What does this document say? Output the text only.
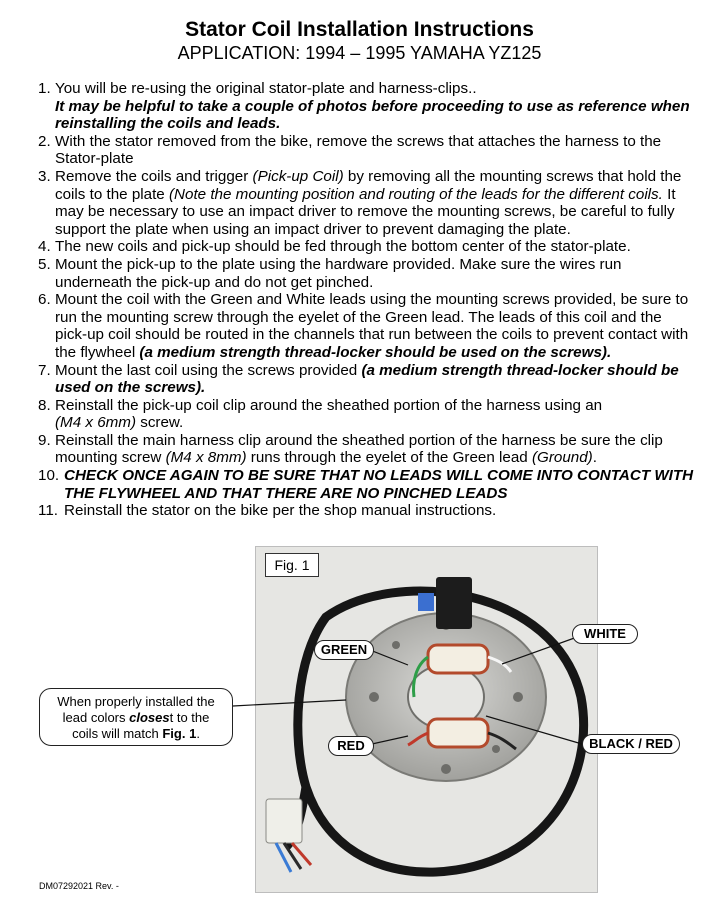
Stator Coil Installation Instructions
APPLICATION: 1994 – 1995 YAMAHA YZ125
1. You will be re-using the original stator-plate and harness-clips..
It may be helpful to take a couple of photos before proceeding to use as reference when reinstalling the coils and leads.
2. With the stator removed from the bike, remove the screws that attaches the harness to the Stator-plate
3. Remove the coils and trigger (Pick-up Coil) by removing all the mounting screws that hold the coils to the plate (Note the mounting position and routing of the leads for the different coils. It may be necessary to use an impact driver to remove the mounting screws, be careful to fully support the plate when using an impact driver to prevent damaging the plate.
4. The new coils and pick-up should be fed through the bottom center of the stator-plate.
5. Mount the pick-up to the plate using the hardware provided. Make sure the wires run underneath the pick-up and do not get pinched.
6. Mount the coil with the Green and White leads using the mounting screws provided, be sure to run the mounting screw through the eyelet of the Green lead. The leads of this coil and the pick-up coil should be routed in the channels that run between the coils to prevent contact with the flywheel (a medium strength thread-locker should be used on the screws).
7. Mount the last coil using the screws provided (a medium strength thread-locker should be used on the screws).
8. Reinstall the pick-up coil clip around the sheathed portion of the harness using an
(M4 x 6mm) screw.
9. Reinstall the main harness clip around the sheathed portion of the harness be sure the clip mounting screw (M4 x 8mm) runs through the eyelet of the Green lead (Ground).
10. CHECK ONCE AGAIN TO BE SURE THAT NO LEADS WILL COME INTO CONTACT WITH THE FLYWHEEL AND THAT THERE ARE NO PINCHED LEADS
11. Reinstall the stator on the bike per the shop manual instructions.
Fig. 1
GREEN
WHITE
RED	BLACK / RED
When properly installed the
lead colors closest to the
coils will match Fig. 1.
DM07292021 Rev. -
